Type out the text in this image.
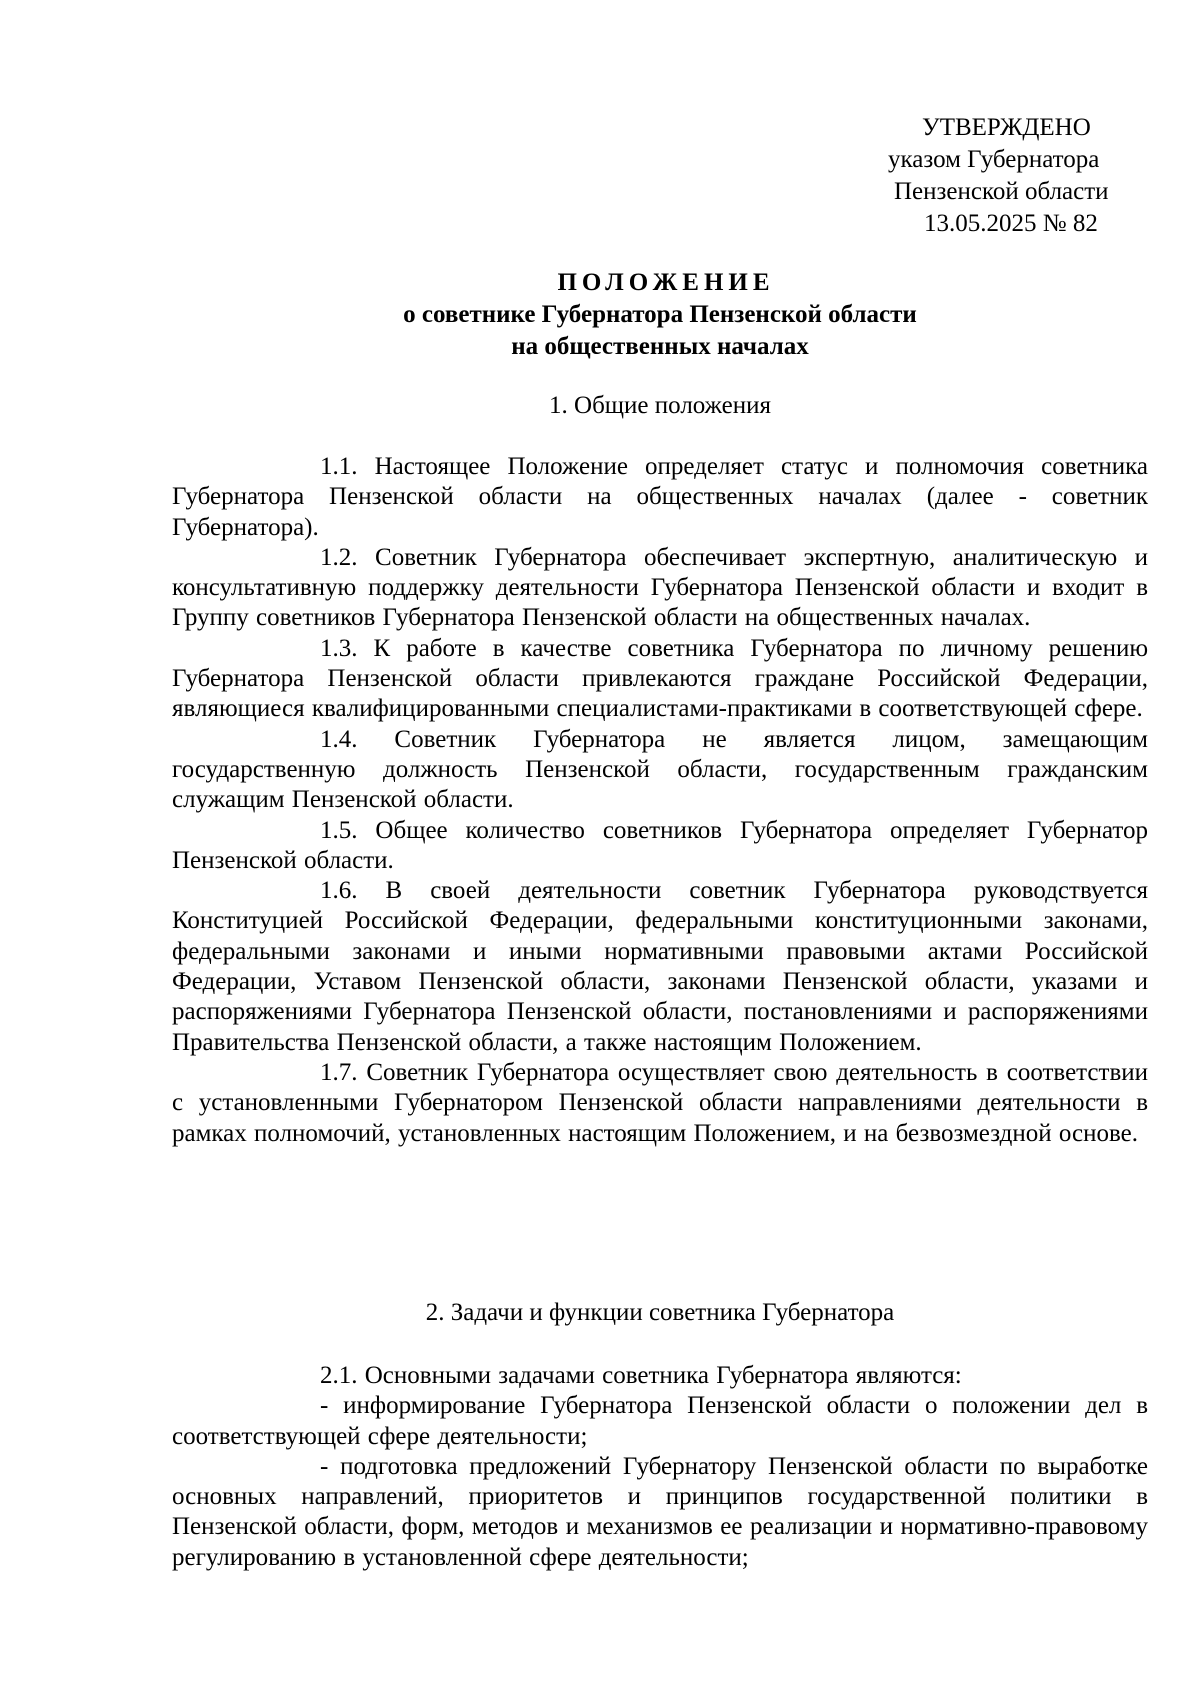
УТВЕРЖДЕНО
указом Губернатора
Пензенской области
13.05.2025 № 82
ПОЛОЖЕНИЕ
о советнике Губернатора Пензенской области
на общественных началах
1. Общие положения

1.1. Настоящее Положение определяет статус и полномочия советника Губернатора Пензенской области на общественных началах (далее - советник Губернатора).

1.2. Советник Губернатора обеспечивает экспертную, аналитическую и консультативную поддержку деятельности Губернатора Пензенской области и входит в Группу советников Губернатора Пензенской области на общественных началах.

1.3. К работе в качестве советника Губернатора по личному решению Губернатора Пензенской области привлекаются граждане Российской Федерации, являющиеся квалифицированными специалистами-практиками в соответствующей сфере.

1.4. Советник Губернатора не является лицом, замещающим государственную должность Пензенской области, государственным гражданским служащим Пензенской области.

1.5. Общее количество советников Губернатора определяет Губернатор Пензенской области.

1.6. В своей деятельности советник Губернатора руководствуется Конституцией Российской Федерации, федеральными конституционными законами, федеральными законами и иными нормативными правовыми актами Российской Федерации, Уставом Пензенской области, законами Пензенской области, указами и распоряжениями Губернатора Пензенской области, постановлениями и распоряжениями Правительства Пензенской области, а также настоящим Положением.

1.7. Советник Губернатора осуществляет свою деятельность в соответствии с установленными Губернатором Пензенской области направлениями деятельности в рамках полномочий, установленных настоящим Положением, и на безвозмездной основе.

2. Задачи и функции советника Губернатора

2.1. Основными задачами советника Губернатора являются:

- информирование Губернатора Пензенской области о положении дел в соответствующей сфере деятельности;

- подготовка предложений Губернатору Пензенской области по выработке основных направлений, приоритетов и принципов государственной политики в Пензенской области, форм, методов и механизмов ее реализации и нормативно-правовому регулированию в установленной сфере деятельности;
